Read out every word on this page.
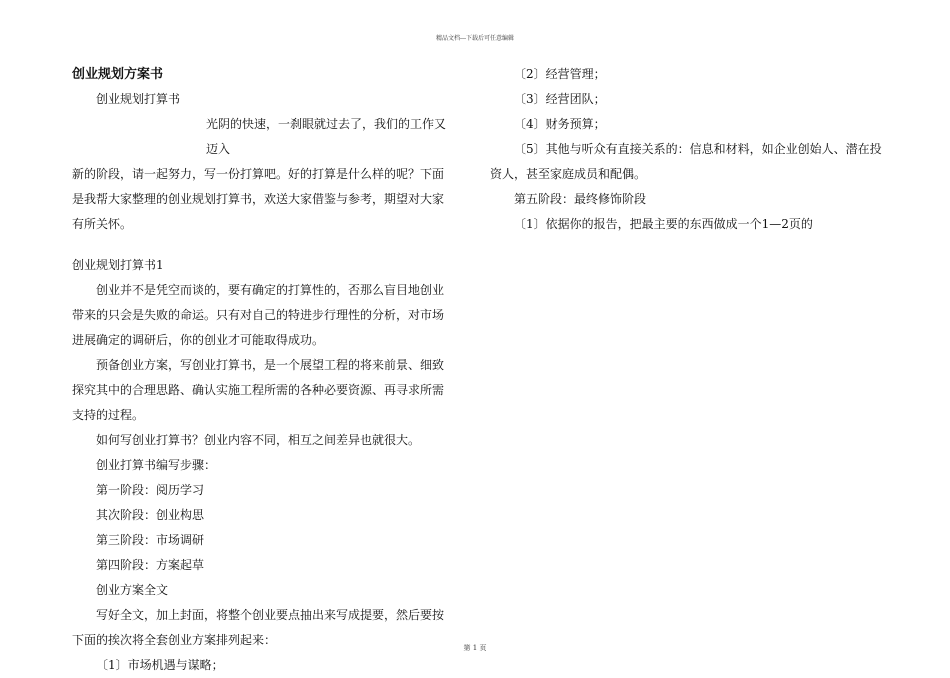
精品文档---下载后可任意编辑

创业规划方案书

创业规划打算书

光阴的快速，一刹眼就过去了，我们的工作又迈入

新的阶段，请一起努力，写一份打算吧。好的打算是什么样的呢？下面是我帮大家整理的创业规划打算书，欢送大家借鉴与参考，期望对大家有所关怀。

创业规划打算书1

创业并不是凭空而谈的，要有确定的打算性的，否那么盲目地创业带来的只会是失败的命运。只有对自己的特进步行理性的分析，对市场进展确定的调研后，你的创业才可能取得成功。

预备创业方案，写创业打算书，是一个展望工程的将来前景、细致探究其中的合理思路、确认实施工程所需的各种必要资源、再寻求所需支持的过程。

如何写创业打算书？创业内容不同，相互之间差异也就很大。

创业打算书编写步骤：

第一阶段：阅历学习

其次阶段：创业构思

第三阶段：市场调研

第四阶段：方案起草

创业方案全文

写好全文，加上封面，将整个创业要点抽出来写成提要，然后要按下面的挨次将全套创业方案排列起来：

〔1〕市场机遇与谋略；

〔2〕经营管理；

〔3〕经营团队；

〔4〕财务预算；

〔5〕其他与听众有直接关系的：信息和材料，如企业创始人、潜在投资人，甚至家庭成员和配偶。

第五阶段：最终修饰阶段

〔1〕依据你的报告，把最主要的东西做成一个1—2页的

第 1 页
